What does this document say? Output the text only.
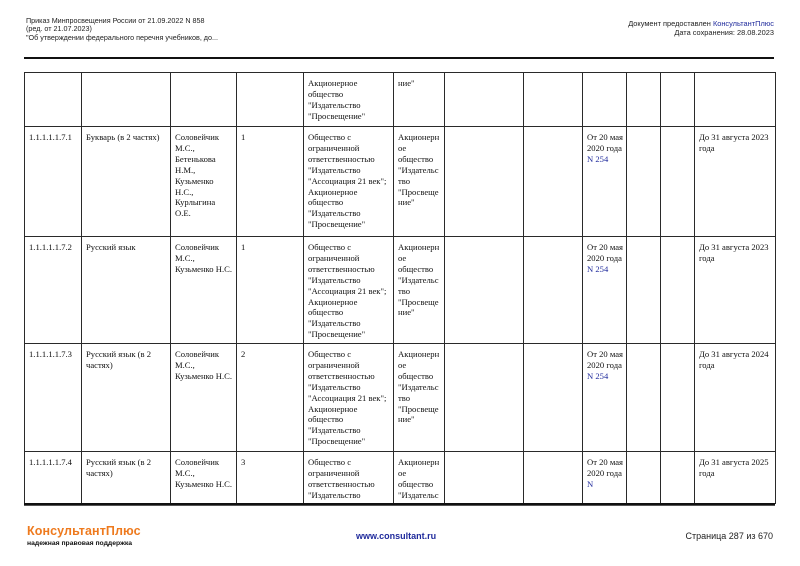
Приказ Минпросвещения России от 21.09.2022 N 858
(ред. от 21.07.2023)
"Об утверждении федерального перечня учебников, до...
Документ предоставлен КонсультантПлюс
Дата сохранения: 28.08.2023
				Акционерное общество "Издательство "Просвещение"	ние"						
1.1.1.1.1.7.1	Букварь (в 2 частях)	Соловейчик М.С., Бетенькова Н.М., Кузьменко Н.С., Курлыгина О.Е.	1	Общество с ограниченной ответственностью "Издательство "Ассоциация 21 век"; Акционерное общество "Издательство "Просвещение"	Акционерн ое общество "Издательс тво "Просвеще ние"			От 20 мая 2020 года N 254			До 31 августа 2023 года
1.1.1.1.1.7.2	Русский язык	Соловейчик М.С., Кузьменко Н.С.	1	Общество с ограниченной ответственностью "Издательство "Ассоциация 21 век"; Акционерное общество "Издательство "Просвещение"	Акционерн ое общество "Издательс тво "Просвеще ние"			От 20 мая 2020 года N 254			До 31 августа 2023 года
1.1.1.1.1.7.3	Русский язык (в 2 частях)	Соловейчик М.С., Кузьменко Н.С.	2	Общество с ограниченной ответственностью "Издательство "Ассоциация 21 век"; Акционерное общество "Издательство "Просвещение"	Акционерн ое общество "Издательс тво "Просвеще ние"			От 20 мая 2020 года N 254			До 31 августа 2024 года
1.1.1.1.1.7.4	Русский язык (в 2 частях)	Соловейчик М.С., Кузьменко Н.С.	3	Общество с ограниченной ответственностью "Издательство	Акционерн ое общество "Издательс			От 20 мая 2020 года N			До 31 августа 2025 года
КонсультантПлюс
надежная правовая поддержка
www.consultant.ru	Страница 287 из 670
